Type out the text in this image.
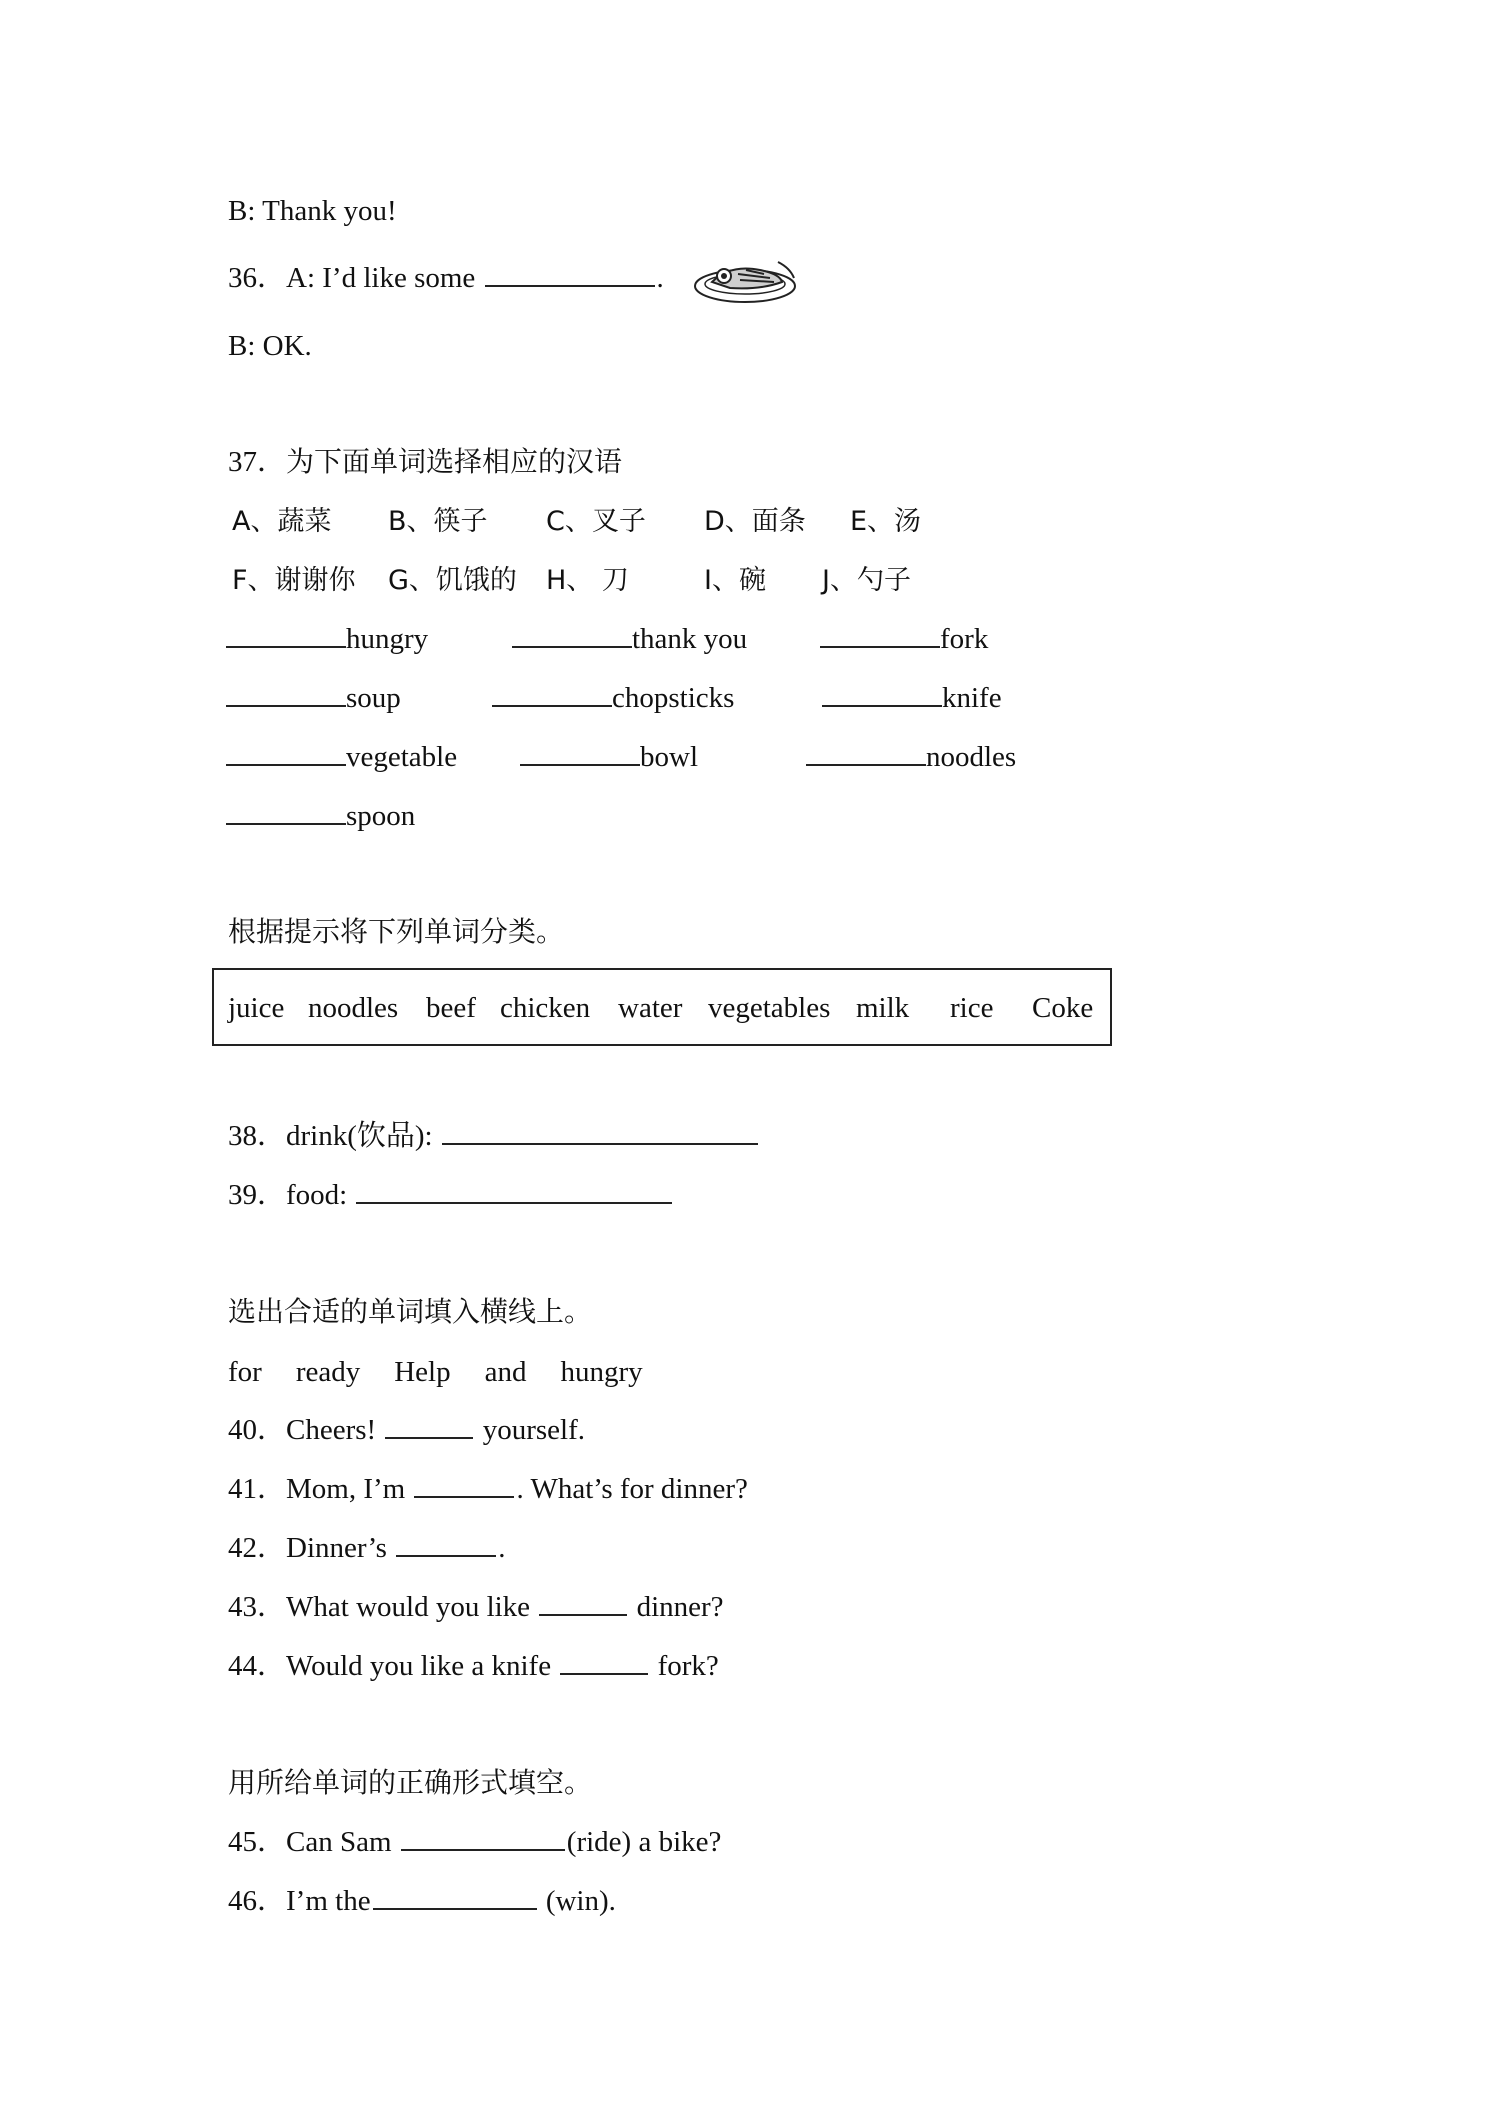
B: Thank you!
36．A: I’d like some	.
B: OK.
37．为下面单词选择相应的汉语
A、蔬菜 B、筷子 C、叉子 D、面条 E、汤
F、谢谢你 G、饥饿的 H、 刀	I、碗 J、勺子
hungry	thank you	fork
soup	chopsticks	knife
vegetable	bowl	noodles
spoon
根据提示将下列单词分类。
juice noodles beef chicken water vegetables milk rice Coke
38．drink(饮品):
39．food:
选出合适的单词填入横线上。
for ready Help and hungry
40．Cheers!	yourself.
41．Mom, I’m	. What’s for dinner?
42．Dinner’s	.
43．What would you like	dinner?
44．Would you like a knife	fork?
用所给单词的正确形式填空。
45．Can Sam	(ride) a bike?
46．I’m the	(win).
